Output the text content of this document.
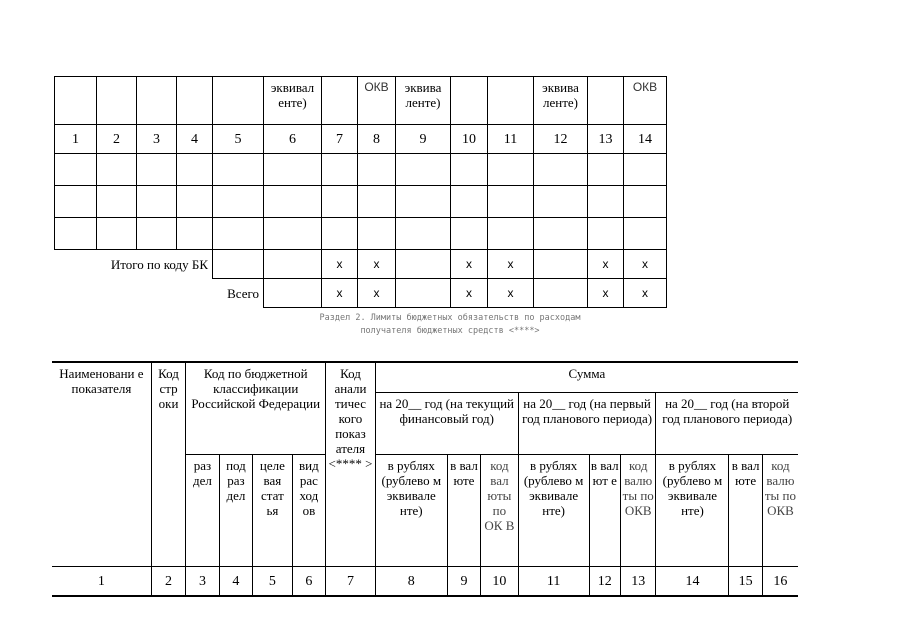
					эквивал енте)		ОКВ	эквива ленте)			эквива ленте)		ОКВ
1	2	3	4	5	6	7	8	9	10	11	12	13	14

Итого по коду БК						x	x		x	x		x	x
Всего						x	x		x	x		x	x
Раздел 2. Лимиты бюджетных обязательств по расходам
получателя бюджетных средств <****>
Наименовани е показателя	Код стр оки	Код по бюджетной классификации Российской Федерации				Код анали тичес кого показ ателя <**** >	Сумма								
							на 20__ год (на текущий финансовый год)			на 20__ год (на первый год планового периода)			на 20__ год (на второй год планового периода)		
		раз дел	под раз дел	целе вая стат ья	вид рас ход ов		в рублях (рублево м эквивале нте)	в вал юте	код вал юты по ОК В	в рублях (рублево м эквивале нте)	в вал ют е	код валю ты по ОКВ	в рублях (рублево м эквивале нте)	в вал юте	код валю ты по ОКВ
1	2	3	4	5	6	7	8	9	10	11	12	13	14	15	16
